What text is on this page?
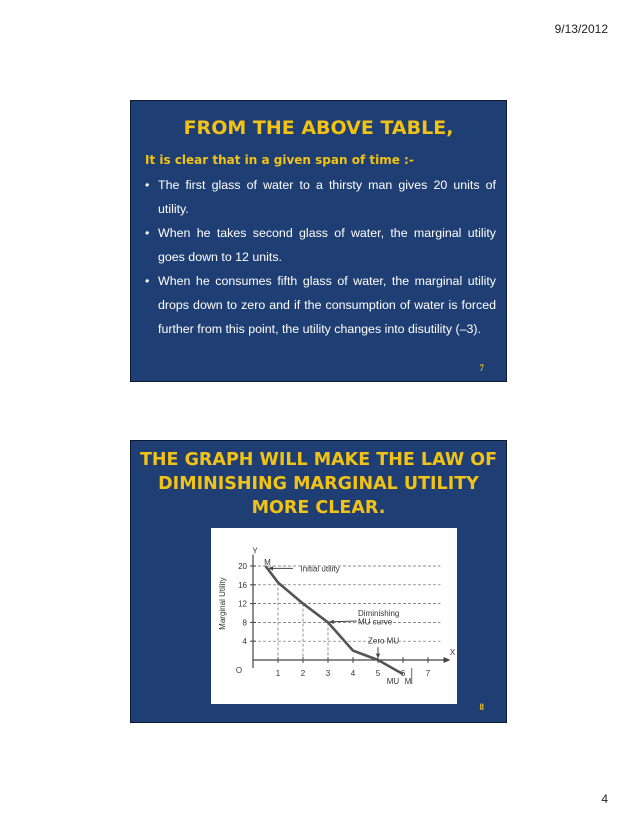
9/13/2012
FROM THE ABOVE TABLE,

It is clear that in a given span of time :-

• The first glass of water to a thirsty man gives 20 units of utility.
• When he takes second glass of water, the marginal utility goes down to 12 units.
• When he consumes fifth glass of water, the marginal utility drops down to zero and if the consumption of water is forced further from this point, the utility changes into disutility (–3).
7
THE GRAPH WILL MAKE THE LAW OF DIMINISHING MARGINAL UTILITY MORE CLEAR.
4
8
12
16
20
1	2	3	4	5	6	7
Y
X
O
Marginal Utility
M
MU M
Initial utility
Diminishing
MU curve
Zero MU
8
4
